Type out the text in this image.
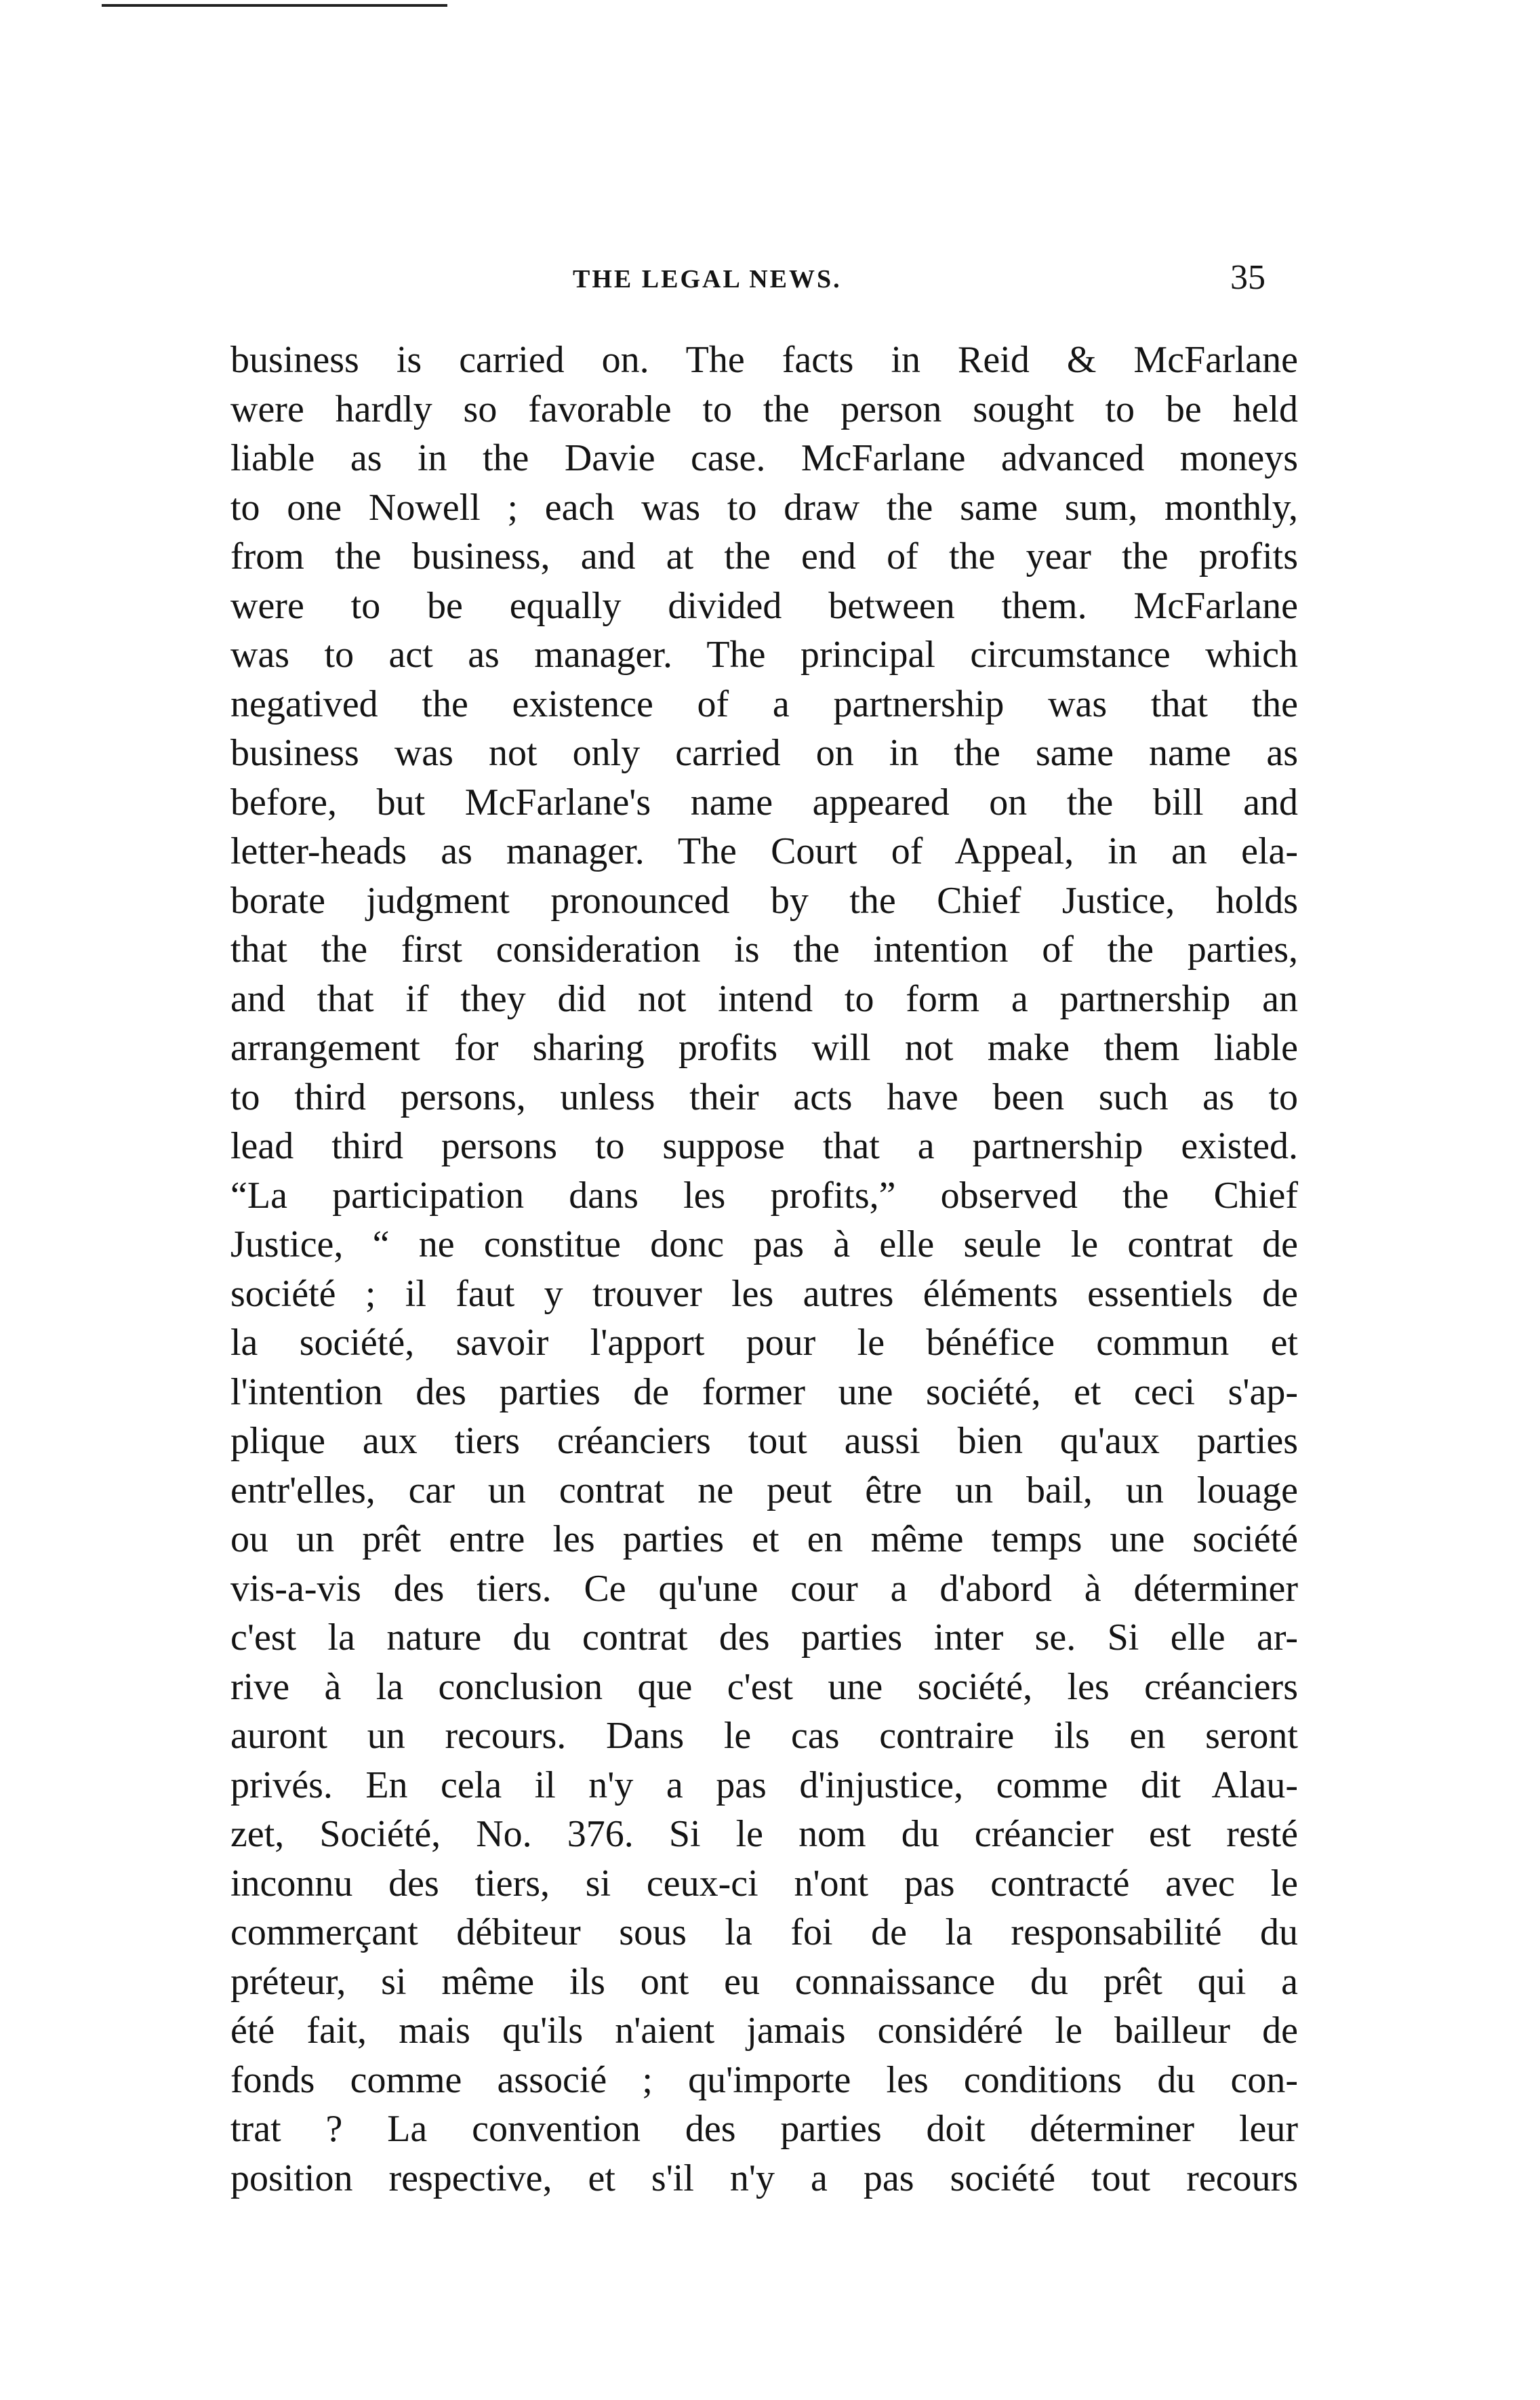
THE LEGAL NEWS.	35
business is carried on. The facts in Reid & McFarlane
were hardly so favorable to the person sought to be held
liable as in the Davie case. McFarlane advanced moneys
to one Nowell ; each was to draw the same sum, monthly,
from the business, and at the end of the year the profits
were to be equally divided between them. McFarlane
was to act as manager. The principal circumstance which
negatived the existence of a partnership was that the
business was not only carried on in the same name as
before, but McFarlane's name appeared on the bill and
letter-heads as manager. The Court of Appeal, in an ela-
borate judgment pronounced by the Chief Justice, holds
that the first consideration is the intention of the parties,
and that if they did not intend to form a partnership an
arrangement for sharing profits will not make them liable
to third persons, unless their acts have been such as to
lead third persons to suppose that a partnership existed.
“La participation dans les profits,” observed the Chief
Justice, “ ne constitue donc pas à elle seule le contrat de
société ; il faut y trouver les autres éléments essentiels de
la société, savoir l'apport pour le bénéfice commun et
l'intention des parties de former une société, et ceci s'ap-
plique aux tiers créanciers tout aussi bien qu'aux parties
entr'elles, car un contrat ne peut être un bail, un louage
ou un prêt entre les parties et en même temps une société
vis-a-vis des tiers. Ce qu'une cour a d'abord à déterminer
c'est la nature du contrat des parties inter se. Si elle ar-
rive à la conclusion que c'est une société, les créanciers
auront un recours. Dans le cas contraire ils en seront
privés. En cela il n'y a pas d'injustice, comme dit Alau-
zet, Société, No. 376. Si le nom du créancier est resté
inconnu des tiers, si ceux-ci n'ont pas contracté avec le
commerçant débiteur sous la foi de la responsabilité du
préteur, si même ils ont eu connaissance du prêt qui a
été fait, mais qu'ils n'aient jamais considéré le bailleur de
fonds comme associé ; qu'importe les conditions du con-
trat ? La convention des parties doit déterminer leur
position respective, et s'il n'y a pas société tout recours
